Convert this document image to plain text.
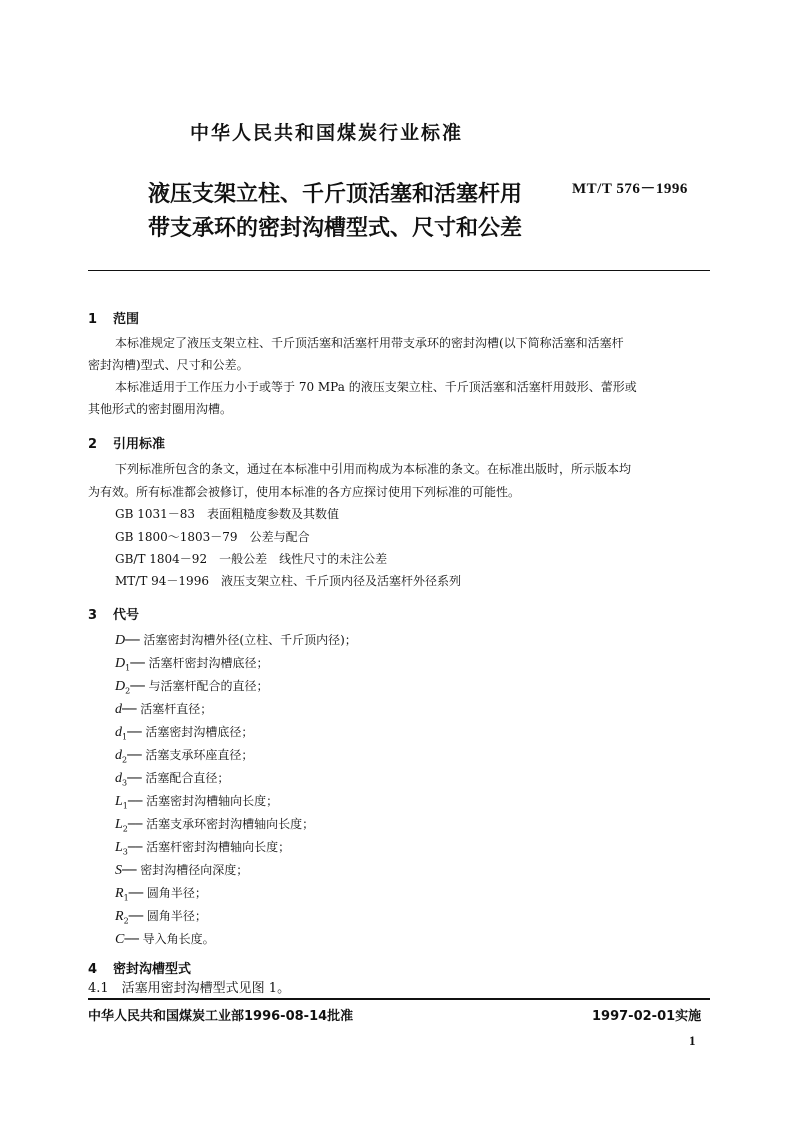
中华人民共和国煤炭行业标准
液压支架立柱、千斤顶活塞和活塞杆用
带支承环的密封沟槽型式、尺寸和公差
MT/T 576－1996
1 范围
本标准规定了液压支架立柱、千斤顶活塞和活塞杆用带支承环的密封沟槽(以下简称活塞和活塞杆
密封沟槽)型式、尺寸和公差。
本标准适用于工作压力小于或等于 70 MPa 的液压支架立柱、千斤顶活塞和活塞杆用鼓形、蕾形或
其他形式的密封圈用沟槽。
2 引用标准
下列标准所包含的条文，通过在本标准中引用而构成为本标准的条文。在标准出版时，所示版本均
为有效。所有标准都会被修订，使用本标准的各方应探讨使用下列标准的可能性。
GB 1031－83　表面粗糙度参数及其数值
GB 1800～1803－79　公差与配合
GB/T 1804－92　一般公差　线性尺寸的未注公差
MT/T 94－1996　液压支架立柱、千斤顶内径及活塞杆外径系列
3 代号
D── 活塞密封沟槽外径(立柱、千斤顶内径)；
$D_1──$ 活塞杆密封沟槽底径；
$D_2──$ 与活塞杆配合的直径；
d── 活塞杆直径；
$d_1──$ 活塞密封沟槽底径；
$d_2──$ 活塞支承环座直径；
$d_3──$ 活塞配合直径；
$L_1──$ 活塞密封沟槽轴向长度；
$L_2──$ 活塞支承环密封沟槽轴向长度；
$L_3──$ 活塞杆密封沟槽轴向长度；
S── 密封沟槽径向深度；
$R_1──$ 圆角半径；
$R_2──$ 圆角半径；
C── 导入角长度。
4 密封沟槽型式
4.1　活塞用密封沟槽型式见图 1。
中华人民共和国煤炭工业部1996-08-14批准	1997-02-01实施
1
